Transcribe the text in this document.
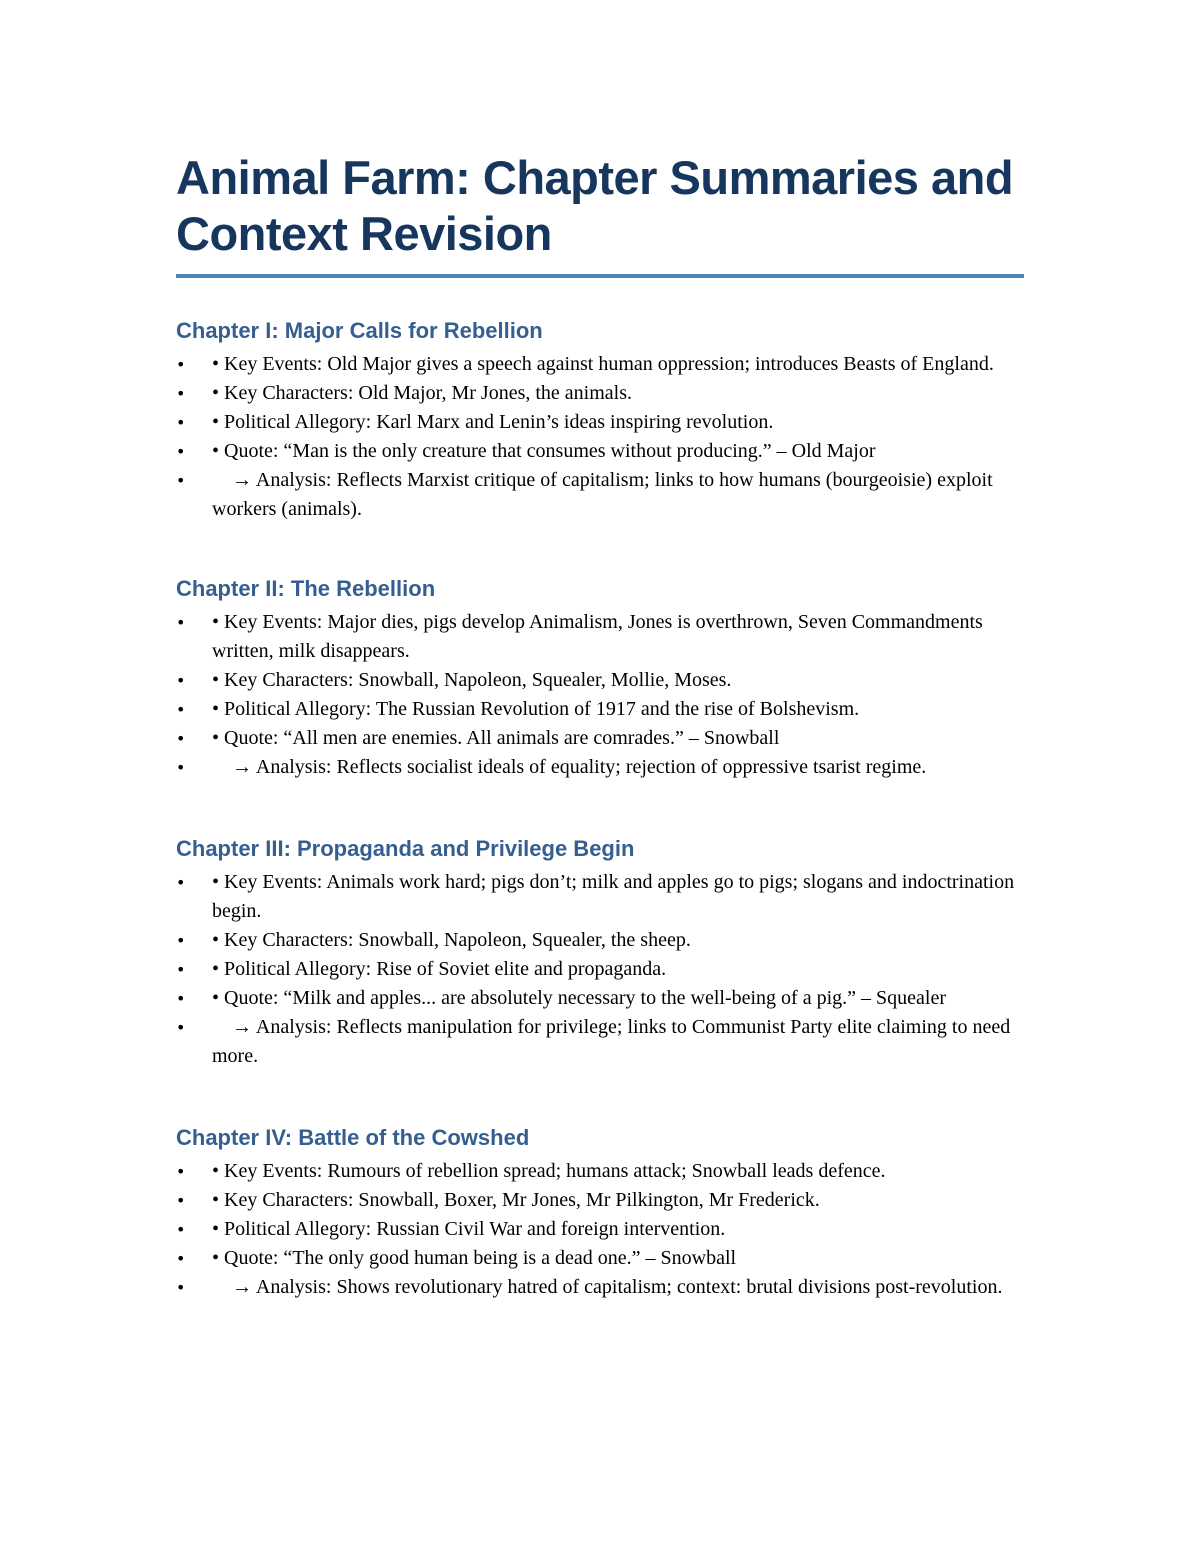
Animal Farm: Chapter Summaries and Context Revision
Chapter I: Major Calls for Rebellion
• • Key Events: Old Major gives a speech against human oppression; introduces Beasts of England.
• • Key Characters: Old Major, Mr Jones, the animals.
• • Political Allegory: Karl Marx and Lenin’s ideas inspiring revolution.
• • Quote: “Man is the only creature that consumes without producing.” – Old Major
• → Analysis: Reflects Marxist critique of capitalism; links to how humans (bourgeoisie) exploit workers (animals).
Chapter II: The Rebellion
• • Key Events: Major dies, pigs develop Animalism, Jones is overthrown, Seven Commandments written, milk disappears.
• • Key Characters: Snowball, Napoleon, Squealer, Mollie, Moses.
• • Political Allegory: The Russian Revolution of 1917 and the rise of Bolshevism.
• • Quote: “All men are enemies. All animals are comrades.” – Snowball
• → Analysis: Reflects socialist ideals of equality; rejection of oppressive tsarist regime.
Chapter III: Propaganda and Privilege Begin
• • Key Events: Animals work hard; pigs don’t; milk and apples go to pigs; slogans and indoctrination begin.
• • Key Characters: Snowball, Napoleon, Squealer, the sheep.
• • Political Allegory: Rise of Soviet elite and propaganda.
• • Quote: “Milk and apples... are absolutely necessary to the well-being of a pig.” – Squealer
• → Analysis: Reflects manipulation for privilege; links to Communist Party elite claiming to need more.
Chapter IV: Battle of the Cowshed
• • Key Events: Rumours of rebellion spread; humans attack; Snowball leads defence.
• • Key Characters: Snowball, Boxer, Mr Jones, Mr Pilkington, Mr Frederick.
• • Political Allegory: Russian Civil War and foreign intervention.
• • Quote: “The only good human being is a dead one.” – Snowball
• → Analysis: Shows revolutionary hatred of capitalism; context: brutal divisions post-revolution.
